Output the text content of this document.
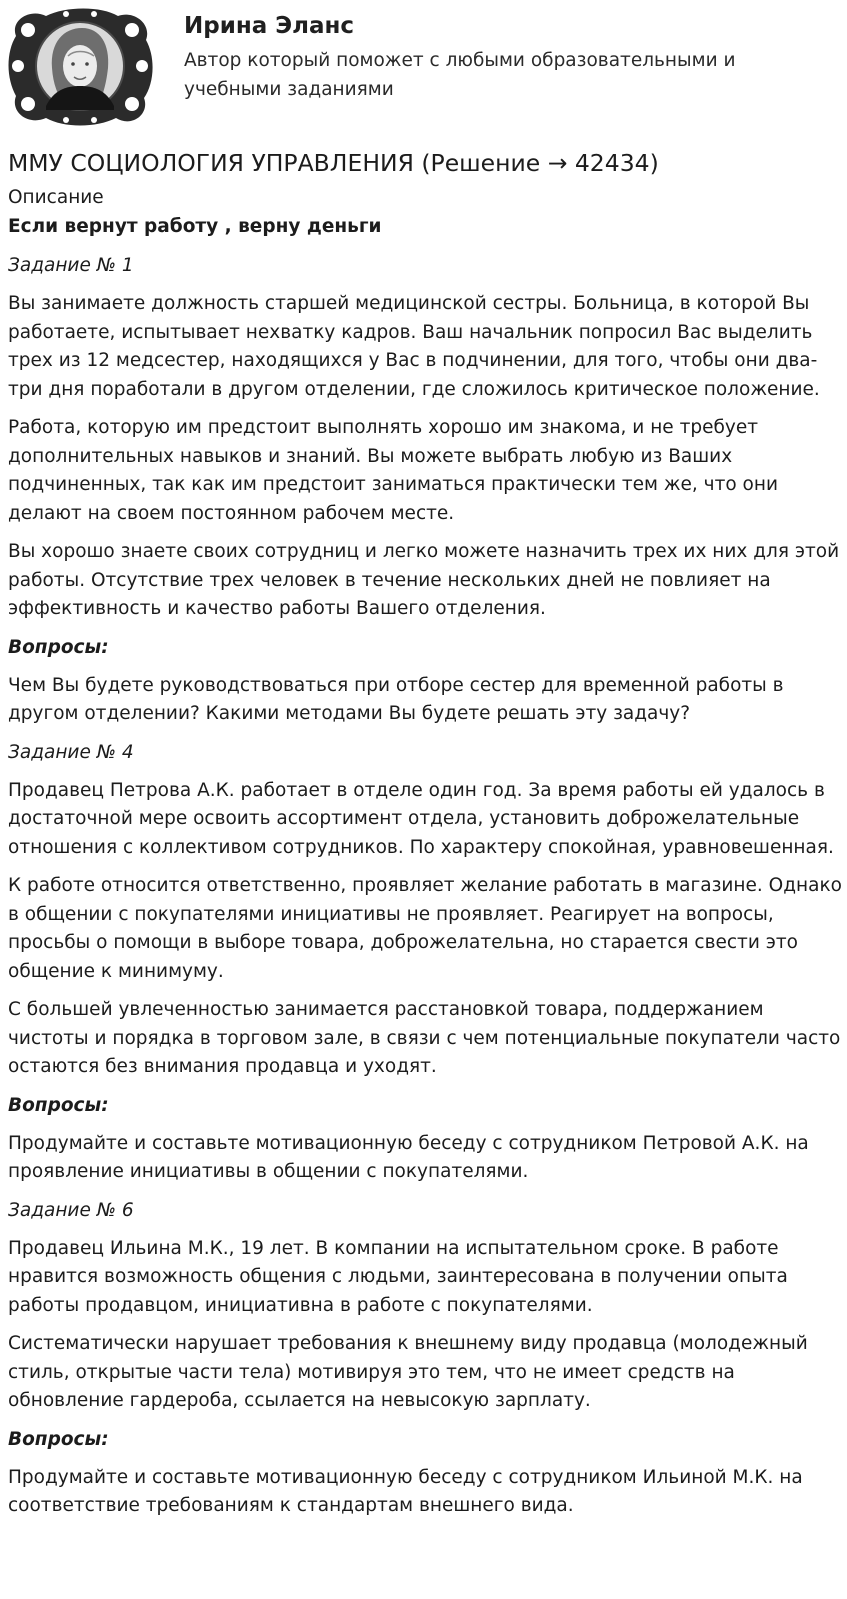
Ирина Эланс

Автор который поможет с любыми образовательными и учебными заданиями

ММУ СОЦИОЛОГИЯ УПРАВЛЕНИЯ (Решение → 42434)

Описание

Если вернут работу , верну деньги

Задание № 1

Вы занимаете должность старшей медицинской сестры. Больница, в которой Вы работаете, испытывает нехватку кадров. Ваш начальник попросил Вас выделить трех из 12 медсестер, находящихся у Вас в подчинении, для того, чтобы они два-три дня поработали в другом отделении, где сложилось критическое положение.

Работа, которую им предстоит выполнять хорошо им знакома, и не требует дополнительных навыков и знаний. Вы можете выбрать любую из Ваших подчиненных, так как им предстоит заниматься практически тем же, что они делают на своем постоянном рабочем месте.

Вы хорошо знаете своих сотрудниц и легко можете назначить трех их них для этой работы. Отсутствие трех человек в течение нескольких дней не повлияет на эффективность и качество работы Вашего отделения.

Вопросы:

Чем Вы будете руководствоваться при отборе сестер для временной работы в другом отделении? Какими методами Вы будете решать эту задачу?

Задание № 4

Продавец Петрова А.К. работает в отделе один год. За время работы ей удалось в достаточной мере освоить ассортимент отдела, установить доброжелательные отношения с коллективом сотрудников. По характеру спокойная, уравновешенная.

К работе относится ответственно, проявляет желание работать в магазине. Однако в общении с покупателями инициативы не проявляет. Реагирует на вопросы, просьбы о помощи в выборе товара, доброжелательна, но старается свести это общение к минимуму.

С большей увлеченностью занимается расстановкой товара, поддержанием чистоты и порядка в торговом зале, в связи с чем потенциальные покупатели часто остаются без внимания продавца и уходят.

Вопросы:

Продумайте и составьте мотивационную беседу с сотрудником Петровой А.К. на проявление инициативы в общении с покупателями.

Задание № 6

Продавец Ильина М.К., 19 лет. В компании на испытательном сроке. В работе нравится возможность общения с людьми, заинтересована в получении опыта работы продавцом, инициативна в работе с покупателями.

Систематически нарушает требования к внешнему виду продавца (молодежный стиль, открытые части тела) мотивируя это тем, что не имеет средств на обновление гардероба, ссылается на невысокую зарплату.

Вопросы:

Продумайте и составьте мотивационную беседу с сотрудником Ильиной М.К. на соответствие требованиям к стандартам внешнего вида.
